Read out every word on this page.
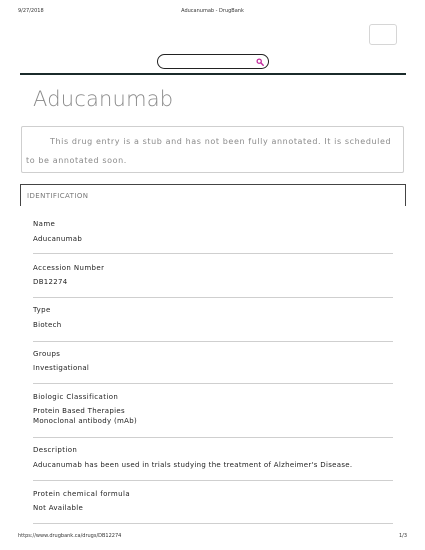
9/27/2018	Aducanumab - DrugBank
Aducanumab
This drug entry is a stub and has not been fully annotated. It is scheduled to be annotated soon.
IDENTIFICATION
Name
Aducanumab
Accession Number
DB12274
Type
Biotech
Groups
Investigational
Biologic Classification
Protein Based Therapies
Monoclonal antibody (mAb)
Description
Aducanumab has been used in trials studying the treatment of Alzheimer's Disease.
Protein chemical formula
Not Available
https://www.drugbank.ca/drugs/DB12274	1/3
